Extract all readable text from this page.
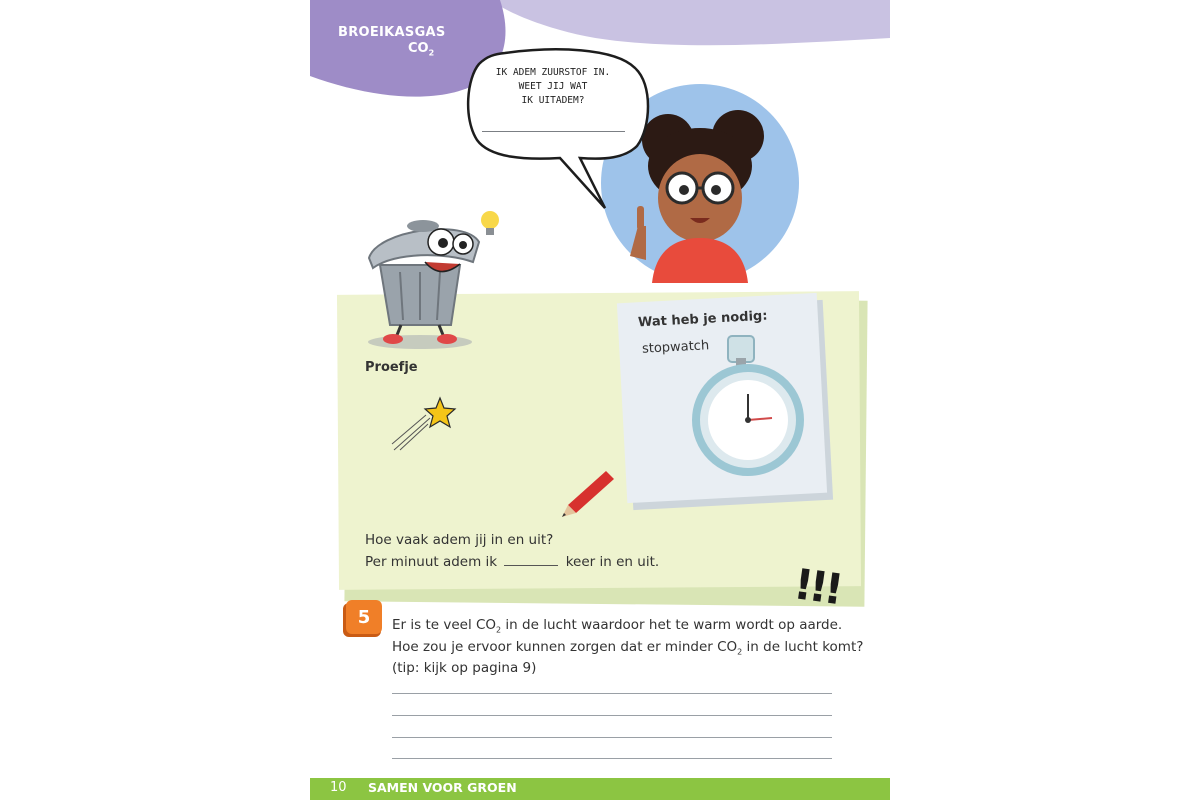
BROEIKASGAS
$CO_2$
IK ADEM ZUURSTOF IN.
WEET JIJ WAT
IK UITADEM?
Proefje
Wat heb je nodig:
stopwatch
Hoe vaak adem jij in en uit?
Per minuut adem ik	keer in en uit.	!!!
5	Er is te veel $CO_2$ in de lucht waardoor het te warm wordt op aarde.
Hoe zou je ervoor kunnen zorgen dat er minder $CO_2$ in de lucht komt?
(tip: kijk op pagina 9)
10 SAMEN VOOR GROEN
